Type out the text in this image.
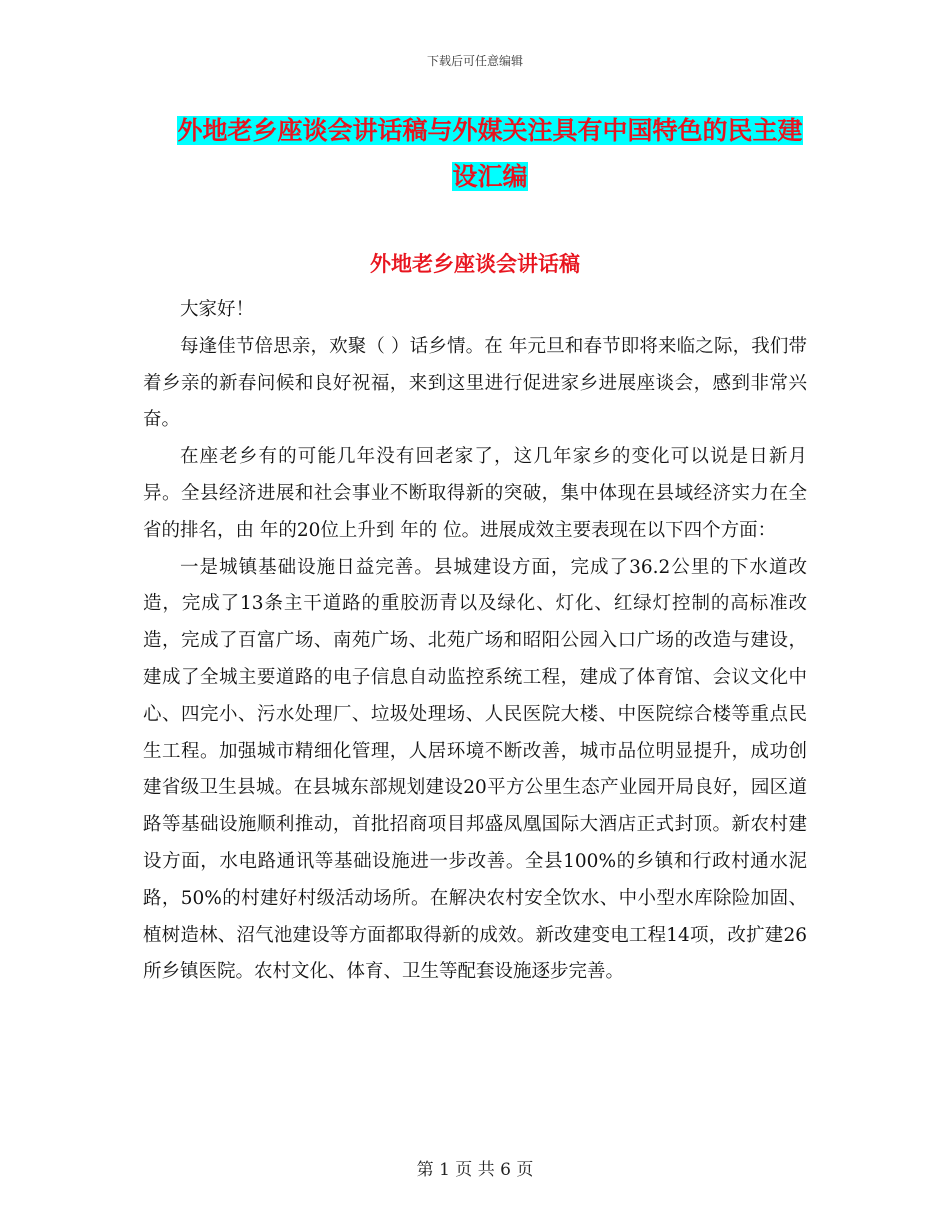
下载后可任意编辑
外地老乡座谈会讲话稿与外媒关注具有中国特色的民主建设汇编
外地老乡座谈会讲话稿

大家好！

每逢佳节倍思亲，欢聚（ ）话乡情。在 年元旦和春节即将来临之际，我们带着乡亲的新春问候和良好祝福，来到这里进行促进家乡进展座谈会，感到非常兴奋。

在座老乡有的可能几年没有回老家了，这几年家乡的变化可以说是日新月异。全县经济进展和社会事业不断取得新的突破，集中体现在县域经济实力在全省的排名，由 年的20位上升到 年的 位。进展成效主要表现在以下四个方面：

一是城镇基础设施日益完善。县城建设方面，完成了36.2公里的下水道改造，完成了13条主干道路的重胶沥青以及绿化、灯化、红绿灯控制的高标准改造，完成了百富广场、南苑广场、北苑广场和昭阳公园入口广场的改造与建设，建成了全城主要道路的电子信息自动监控系统工程，建成了体育馆、会议文化中心、四完小、污水处理厂、垃圾处理场、人民医院大楼、中医院综合楼等重点民生工程。加强城市精细化管理，人居环境不断改善，城市品位明显提升，成功创建省级卫生县城。在县城东部规划建设20平方公里生态产业园开局良好，园区道路等基础设施顺利推动，首批招商项目邦盛凤凰国际大酒店正式封顶。新农村建设方面，水电路通讯等基础设施进一步改善。全县100%的乡镇和行政村通水泥路，50%的村建好村级活动场所。在解决农村安全饮水、中小型水库除险加固、植树造林、沼气池建设等方面都取得新的成效。新改建变电工程14项，改扩建26所乡镇医院。农村文化、体育、卫生等配套设施逐步完善。

第 1 页 共 6 页
